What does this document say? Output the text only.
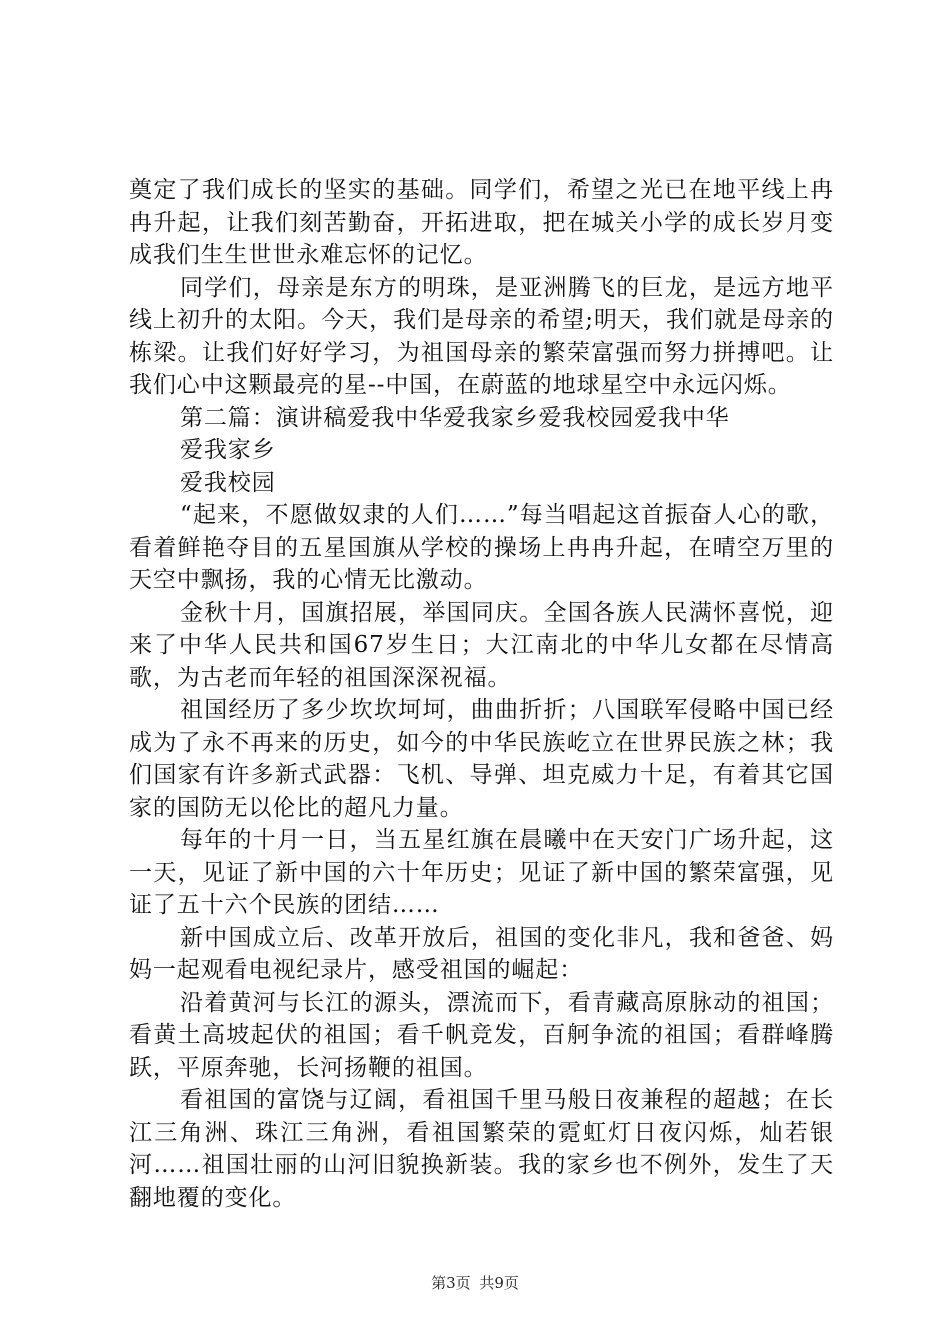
奠定了我们成长的坚实的基础。同学们，希望之光已在地平线上冉冉升起，让我们刻苦勤奋，开拓进取，把在城关小学的成长岁月变成我们生生世世永难忘怀的记忆。

同学们，母亲是东方的明珠，是亚洲腾飞的巨龙，是远方地平线上初升的太阳。今天，我们是母亲的希望;明天，我们就是母亲的栋梁。让我们好好学习，为祖国母亲的繁荣富强而努力拼搏吧。让我们心中这颗最亮的星--中国，在蔚蓝的地球星空中永远闪烁。

第二篇：演讲稿爱我中华爱我家乡爱我校园爱我中华

爱我家乡

爱我校园

“起来，不愿做奴隶的人们……”每当唱起这首振奋人心的歌，看着鲜艳夺目的五星国旗从学校的操场上冉冉升起，在晴空万里的天空中飘扬，我的心情无比激动。

金秋十月，国旗招展，举国同庆。全国各族人民满怀喜悦，迎来了中华人民共和国67岁生日；大江南北的中华儿女都在尽情高歌，为古老而年轻的祖国深深祝福。

祖国经历了多少坎坎坷坷，曲曲折折；八国联军侵略中国已经成为了永不再来的历史，如今的中华民族屹立在世界民族之林；我们国家有许多新式武器：飞机、导弹、坦克威力十足，有着其它国家的国防无以伦比的超凡力量。

每年的十月一日，当五星红旗在晨曦中在天安门广场升起，这一天，见证了新中国的六十年历史；见证了新中国的繁荣富强，见证了五十六个民族的团结……

新中国成立后、改革开放后，祖国的变化非凡，我和爸爸、妈妈一起观看电视纪录片，感受祖国的崛起：

沿着黄河与长江的源头，漂流而下，看青藏高原脉动的祖国；看黄土高坡起伏的祖国；看千帆竞发，百舸争流的祖国；看群峰腾跃，平原奔驰，长河扬鞭的祖国。

看祖国的富饶与辽阔，看祖国千里马般日夜兼程的超越；在长江三角洲、珠江三角洲，看祖国繁荣的霓虹灯日夜闪烁，灿若银河……祖国壮丽的山河旧貌换新装。我的家乡也不例外，发生了天翻地覆的变化。

第3页 共9页
